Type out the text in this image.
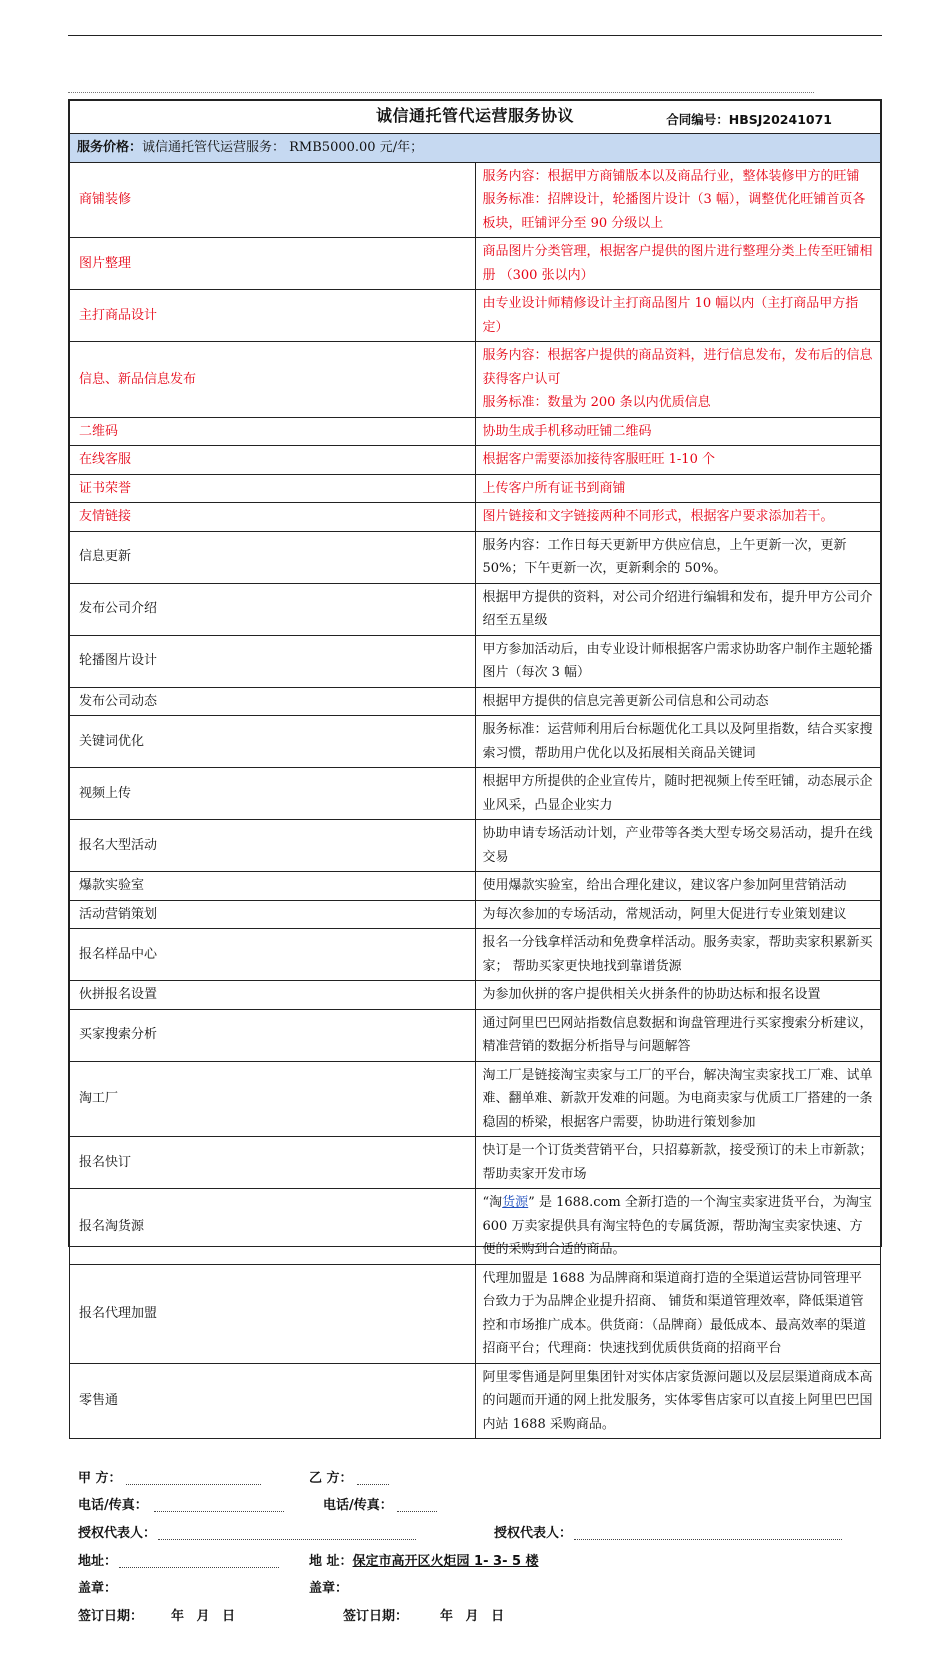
诚信通托管代运营服务协议 合同编号：HBSJ20241071	

服务价格：诚信通托管代运营服务： RMB5000.00 元/年；	
商铺装修	服务内容：根据甲方商铺版本以及商品行业，整体装修甲方的旺铺
服务标准：招牌设计，轮播图片设计（3 幅），调整优化旺铺首页各板块，旺铺评分至 90 分级以上

图片整理	商品图片分类管理，根据客户提供的图片进行整理分类上传至旺铺相册 （300 张以内）

主打商品设计	由专业设计师精修设计主打商品图片 10 幅以内（主打商品甲方指定）

信息、新品信息发布	服务内容：根据客户提供的商品资料，进行信息发布，发布后的信息获得客户认可
服务标准：数量为 200 条以内优质信息

二维码	协助生成手机移动旺铺二维码

在线客服	根据客户需要添加接待客服旺旺 1-10 个

证书荣誉	上传客户所有证书到商铺

友情链接	图片链接和文字链接两种不同形式，根据客户要求添加若干。

信息更新	服务内容：工作日每天更新甲方供应信息，上午更新一次，更新 50%；下午更新一次，更新剩余的 50%。
发布公司介绍	根据甲方提供的资料，对公司介绍进行编辑和发布，提升甲方公司介绍至五星级
轮播图片设计	甲方参加活动后，由专业设计师根据客户需求协助客户制作主题轮播图片（每次 3 幅）
发布公司动态	根据甲方提供的信息完善更新公司信息和公司动态
关键词优化	服务标准：运营师利用后台标题优化工具以及阿里指数，结合买家搜索习惯，帮助用户优化以及拓展相关商品关键词
视频上传	根据甲方所提供的企业宣传片，随时把视频上传至旺铺，动态展示企业风采，凸显企业实力
报名大型活动	协助申请专场活动计划，产业带等各类大型专场交易活动，提升在线交易
爆款实验室	使用爆款实验室，给出合理化建议，建议客户参加阿里营销活动
活动营销策划	为每次参加的专场活动，常规活动，阿里大促进行专业策划建议
报名样品中心	报名一分钱拿样活动和免费拿样活动。服务卖家，帮助卖家积累新买家； 帮助买家更快地找到靠谱货源
伙拼报名设置	为参加伙拼的客户提供相关火拼条件的协助达标和报名设置
买家搜索分析	通过阿里巴巴网站指数信息数据和询盘管理进行买家搜索分析建议，精准营销的数据分析指导与问题解答
淘工厂	淘工厂是链接淘宝卖家与工厂的平台，解决淘宝卖家找工厂难、试单难、翻单难、新款开发难的问题。为电商卖家与优质工厂搭建的一条稳固的桥梁，根据客户需要，协助进行策划参加
报名快订	快订是一个订货类营销平台，只招募新款，接受预订的未上市新款；帮助卖家开发市场
报名淘货源	“淘货源” 是 1688.com 全新打造的一个淘宝卖家进货平台，为淘宝 600 万卖家提供具有淘宝特色的专属货源，帮助淘宝卖家快速、方便的采购到合适的商品。
报名代理加盟	代理加盟是 1688 为品牌商和渠道商打造的全渠道运营协同管理平台致力于为品牌企业提升招商、 铺货和渠道管理效率，降低渠道管控和市场推广成本。供货商：（品牌商）最低成本、最高效率的渠道招商平台；代理商：快速找到优质供货商的招商平台
零售通	阿里零售通是阿里集团针对实体店家货源问题以及层层渠道商成本高的问题而开通的网上批发服务，实体零售店家可以直接上阿里巴巴国内站 1688 采购商品。
甲 方：	乙 方：
电话/传真：	电话/传真：
授权代表人：	授权代表人：
地址：	地 址：保定市高开区火炬园 1- 3- 5 楼
盖章：	盖章：
签订日期： 年 月 日	签订日期： 年 月 日
